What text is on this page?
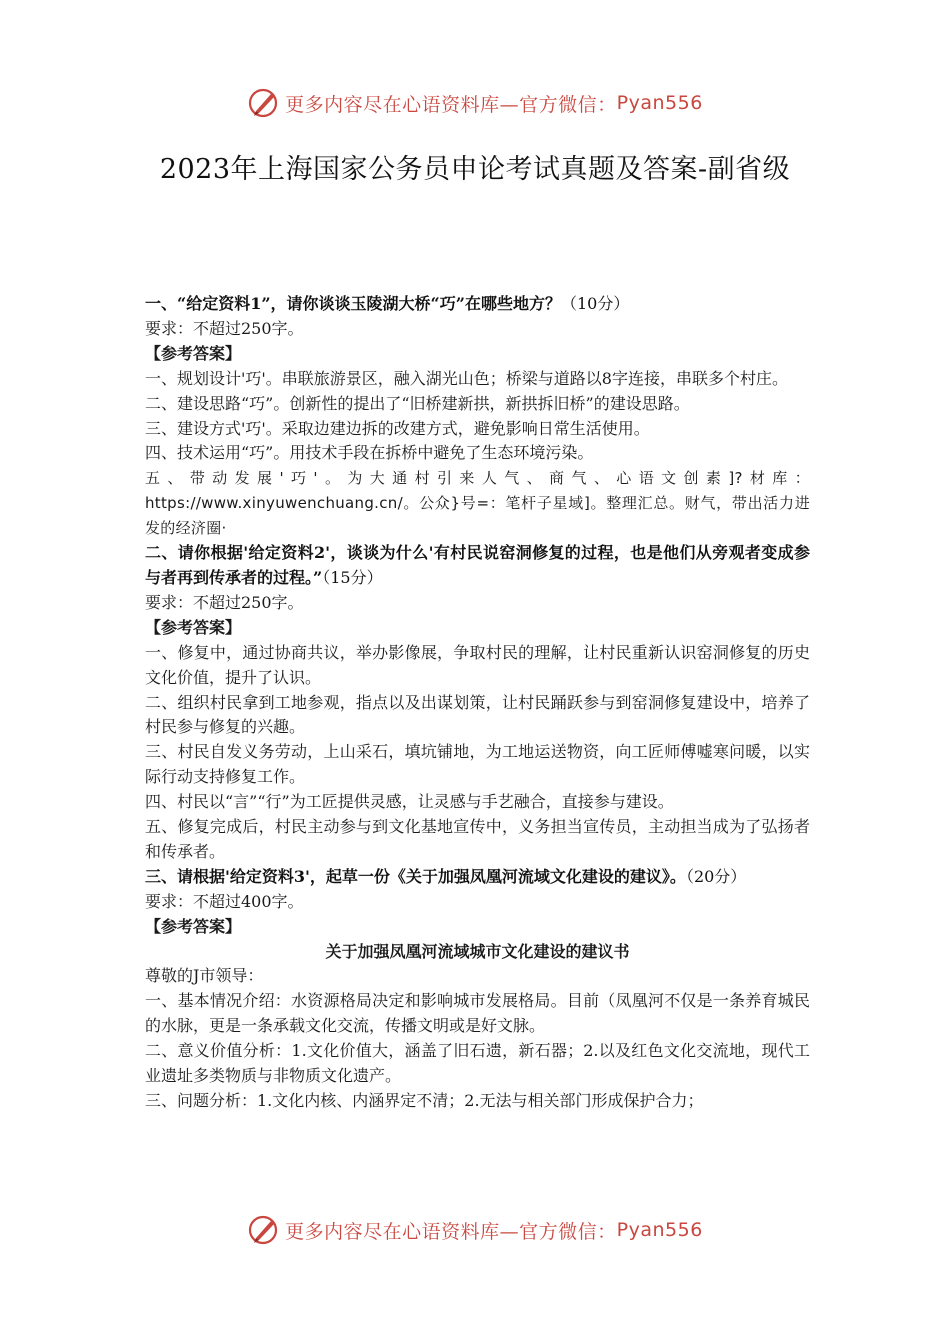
更多内容尽在心语资料库—官方微信： Pyan556
2023年上海国家公务员申论考试真题及答案-副省级

一、“给定资料1”，请你谈谈玉陵湖大桥“巧”在哪些地方？（10分）

要求：不超过250字。

【参考答案】

一、规划设计'巧'。串联旅游景区，融入湖光山色；桥梁与道路以8字连接，串联多个村庄。

二、建设思路“巧”。创新性的提出了“旧桥建新拱，新拱拆旧桥”的建设思路。

三、建设方式'巧'。采取边建边拆的改建方式，避免影响日常生活使用。

四、技术运用“巧”。用技术手段在拆桥中避免了生态环境污染。

五、带动发展'巧'。为大通村引来人气、商气、心语文创素]?材库：https://www.xinyuwenchuang.cn/。公众}号=：笔杆子星域]。整理汇总。财气，带出活力进发的经济圈·

二、请你根据'给定资料2'，谈谈为什么'有村民说窑洞修复的过程，也是他们从旁观者变成参与者再到传承者的过程。”（15分）

要求：不超过250字。

【参考答案】

一、修复中，通过协商共议，举办影像展，争取村民的理解，让村民重新认识窑洞修复的历史文化价值，提升了认识。

二、组织村民拿到工地参观，指点以及出谋划策，让村民踊跃参与到窑洞修复建设中，培养了村民参与修复的兴趣。

三、村民自发义务劳动，上山采石，填坑铺地，为工地运送物资，向工匠师傅嘘寒问暖，以实际行动支持修复工作。

四、村民以“言”“行”为工匠提供灵感，让灵感与手艺融合，直接参与建设。

五、修复完成后，村民主动参与到文化基地宣传中，义务担当宣传员，主动担当成为了弘扬者和传承者。

三、请根据'给定资料3'，起草一份《关于加强凤凰河流域文化建设的建议》。（20分）

要求：不超过400字。

【参考答案】

关于加强凤凰河流域城市文化建设的建议书

尊敬的J市领导：

一、基本情况介绍：水资源格局决定和影响城市发展格局。目前（凤凰河不仅是一条养育城民的水脉，更是一条承载文化交流，传播文明或是好文脉。

二、意义价值分析：1.文化价值大，涵盖了旧石遗，新石器；2.以及红色文化交流地，现代工业遗址多类物质与非物质文化遗产。

三、问题分析：1.文化内核、内涵界定不清；2.无法与相关部门形成保护合力；

更多内容尽在心语资料库—官方微信： Pyan556
